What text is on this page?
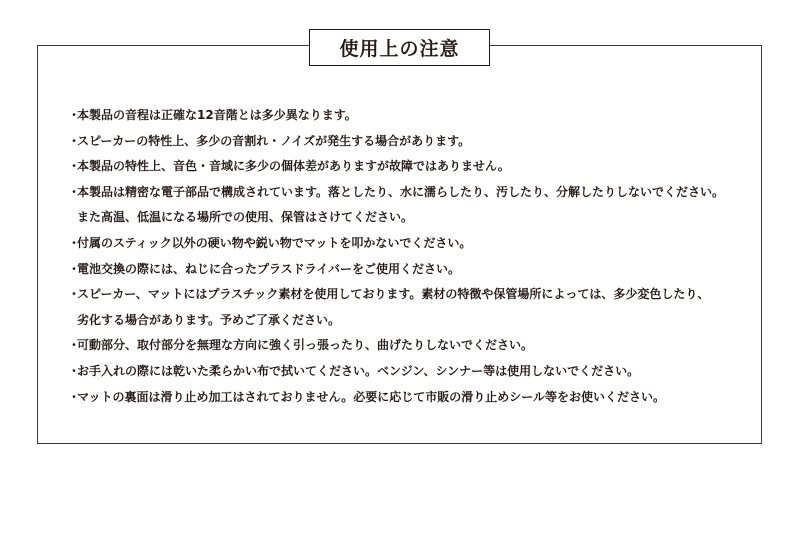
使用上の注意
・
本製品の音程は正確な12音階とは多少異なります。
・
スピーカーの特性上、多少の音割れ・ノイズが発生する場合があります。
・
本製品の特性上、音色・音域に多少の個体差がありますが故障ではありません。
・
本製品は精密な電子部品で構成されています。落としたり、水に濡らしたり、汚したり、分解したりしないでください。
また高温、低温になる場所での使用、保管はさけてください。
・
付属のスティック以外の硬い物や鋭い物でマットを叩かないでください。
・
電池交換の際には、ねじに合ったプラスドライバーをご使用ください。
・
スピーカー、マットにはプラスチック素材を使用しております。素材の特徴や保管場所によっては、多少変色したり、
劣化する場合があります。予めご了承ください。
・
可動部分、取付部分を無理な方向に強く引っ張ったり、曲げたりしないでください。
・
お手入れの際には乾いた柔らかい布で拭いてください。ベンジン、シンナー等は使用しないでください。
・
マットの裏面は滑り止め加工はされておりません。必要に応じて市販の滑り止めシール等をお使いください。
